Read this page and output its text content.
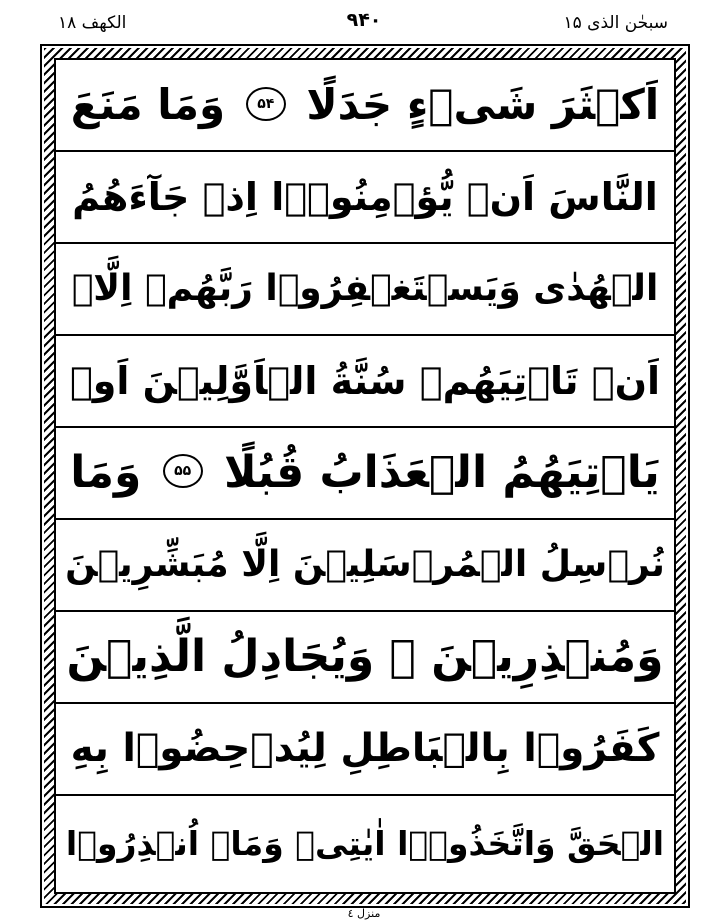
الکھف ۱۸	۹۴۰	سبحٰن الذی ۱۵
اَكۡثَرَ شَیۡءٍ جَدَلًا ۵۴ وَمَا مَنَعَ
النَّاسَ اَنۡ یُّؤۡمِنُوۡۤا اِذۡ جَآءَهُمُ
الۡهُدٰی وَیَسۡتَغۡفِرُوۡا رَبَّهُمۡ اِلَّاۤ
اَنۡ تَاۡتِیَهُمۡ سُنَّةُ الۡاَوَّلِیۡنَ اَوۡ
یَاۡتِیَهُمُ الۡعَذَابُ قُبُلًا ۵۵ وَمَا
نُرۡسِلُ الۡمُرۡسَلِیۡنَ اِلَّا مُبَشِّرِیۡنَ
وَمُنۡذِرِیۡنَ ۚ وَیُجَادِلُ الَّذِیۡنَ
كَفَرُوۡا بِالۡبَاطِلِ لِیُدۡحِضُوۡا بِهِ
الۡحَقَّ وَاتَّخَذُوۡۤا اٰیٰتِیۡ وَمَاۤ اُنۡذِرُوۡا
منزل ٤
